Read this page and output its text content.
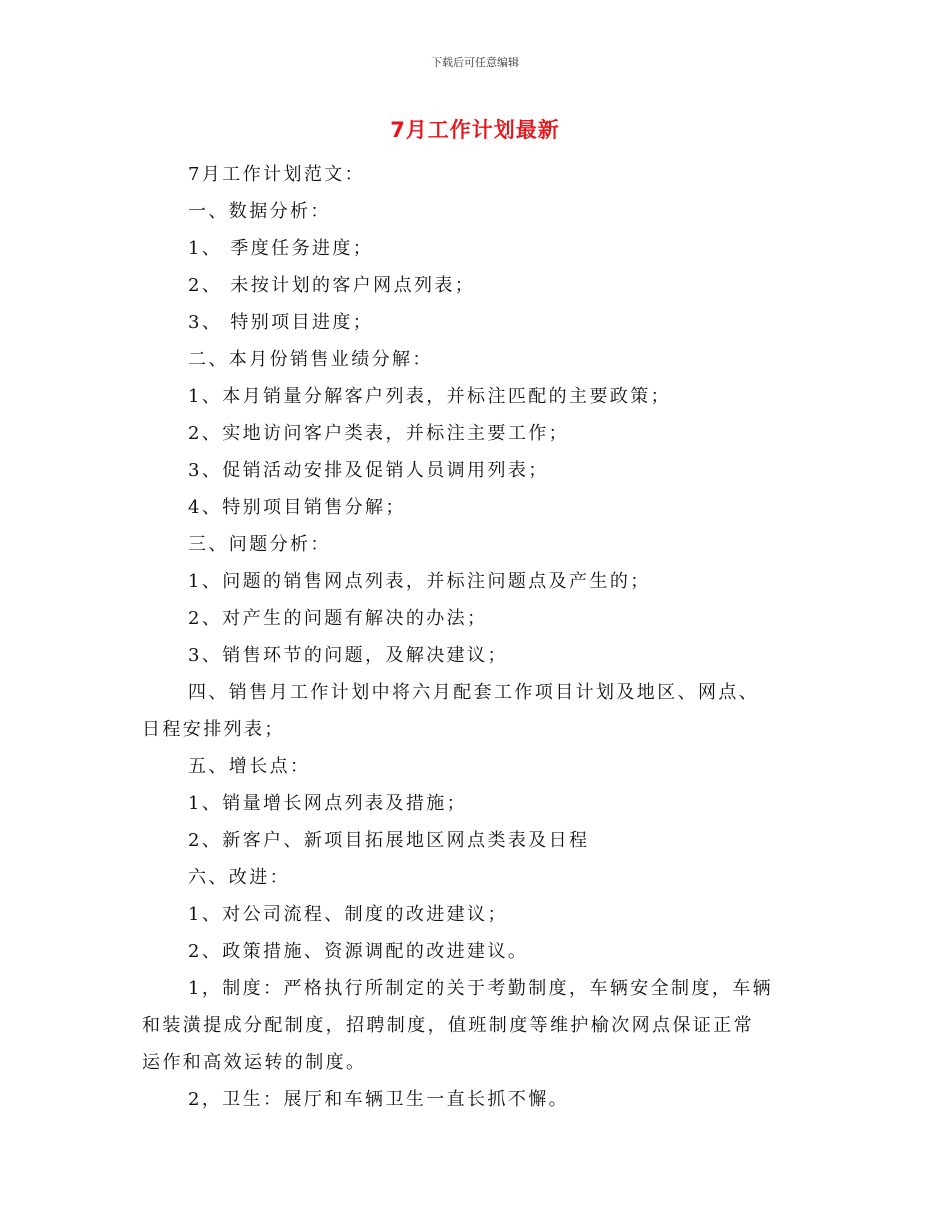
下载后可任意编辑
7月工作计划最新
7月工作计划范文：
一、数据分析：
1、 季度任务进度；
2、 未按计划的客户网点列表；
3、 特别项目进度；
二、本月份销售业绩分解：
1、本月销量分解客户列表，并标注匹配的主要政策；
2、实地访问客户类表，并标注主要工作；
3、促销活动安排及促销人员调用列表；
4、特别项目销售分解；
三、问题分析：
1、问题的销售网点列表，并标注问题点及产生的；
2、对产生的问题有解决的办法；
3、销售环节的问题，及解决建议；
四、销售月工作计划中将六月配套工作项目计划及地区、网点、
日程安排列表；
五、增长点：
1、销量增长网点列表及措施；
2、新客户、新项目拓展地区网点类表及日程
六、改进：
1、对公司流程、制度的改进建议；
2、政策措施、资源调配的改进建议。
1，制度：严格执行所制定的关于考勤制度，车辆安全制度，车辆
和装潢提成分配制度，招聘制度，值班制度等维护榆次网点保证正常
运作和高效运转的制度。
2，卫生：展厅和车辆卫生一直长抓不懈。
